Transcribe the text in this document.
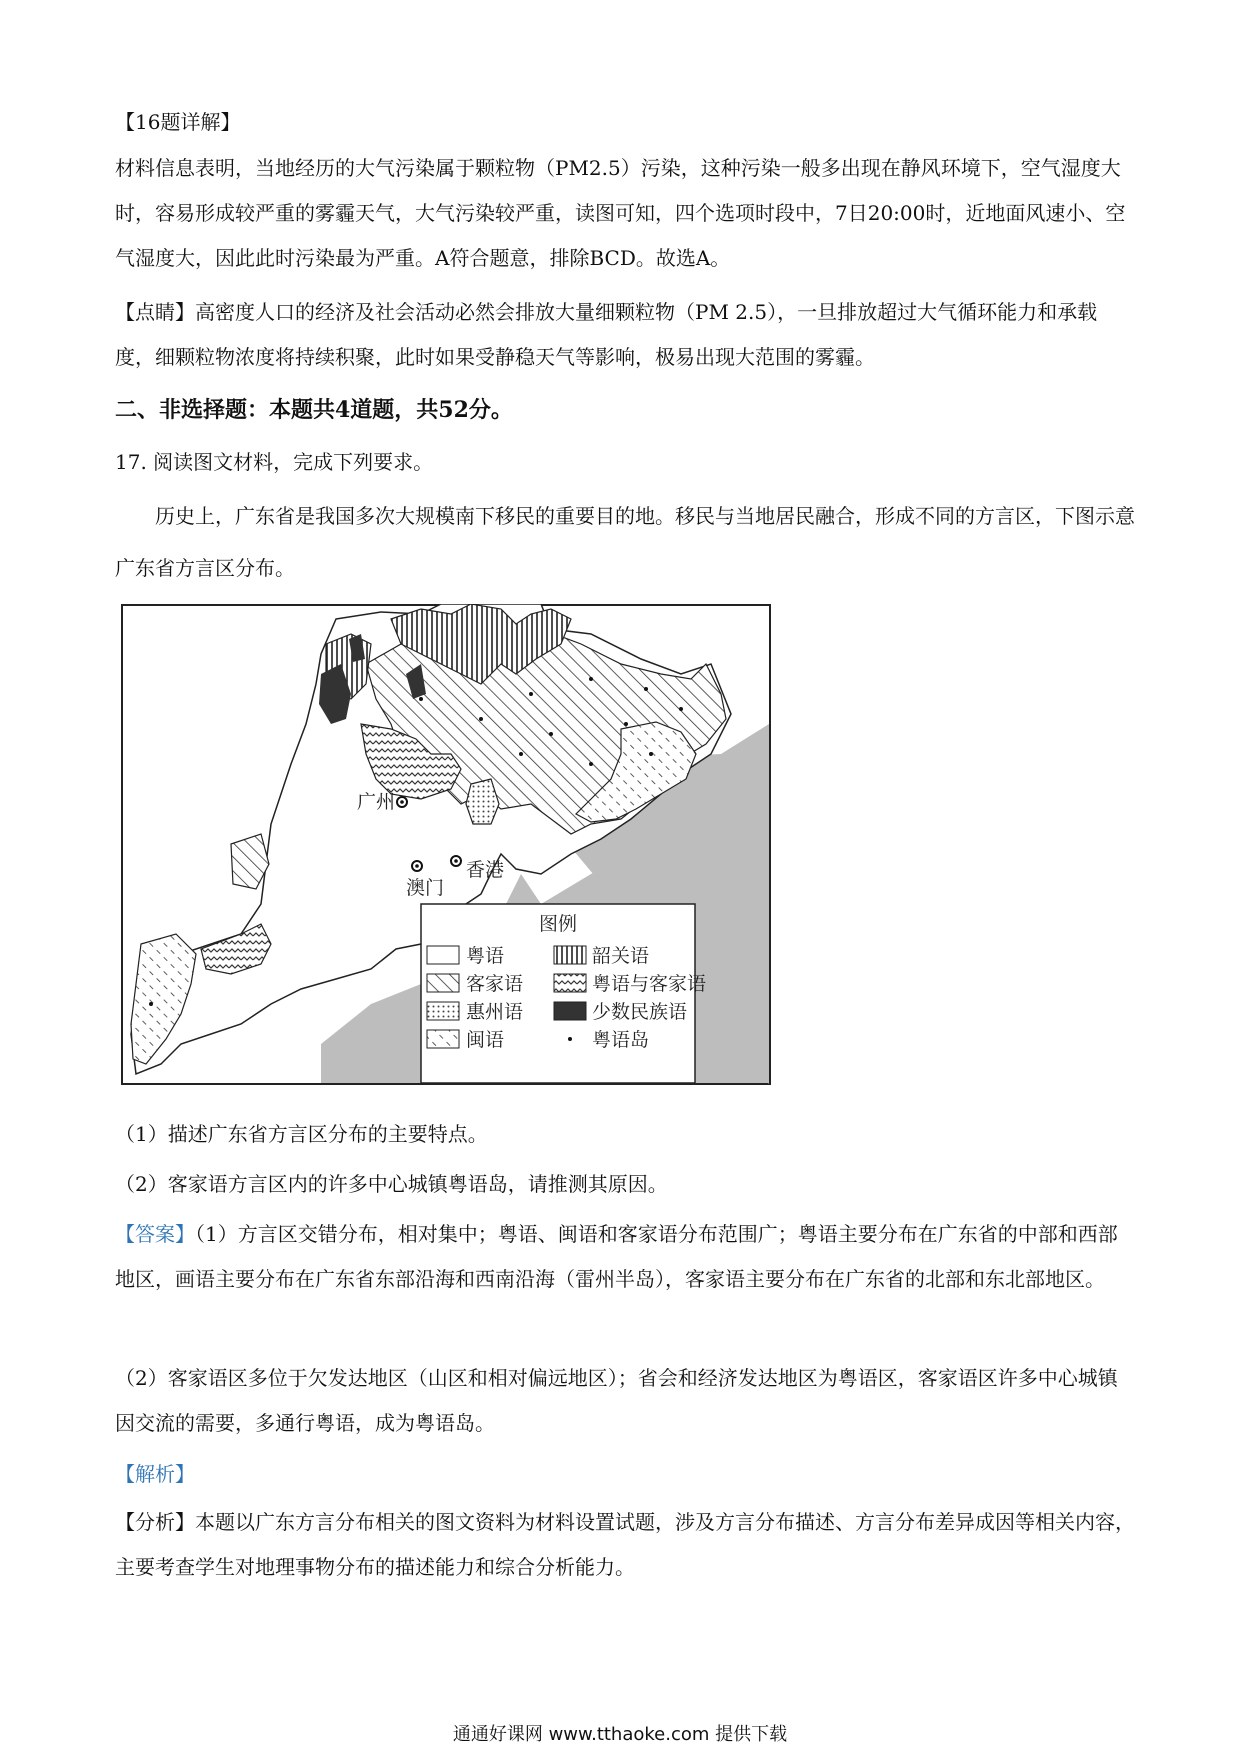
【16题详解】
材料信息表明，当地经历的大气污染属于颗粒物（PM2.5）污染，这种污染一般多出现在静风环境下，空气湿度大时，容易形成较严重的雾霾天气，大气污染较严重，读图可知，四个选项时段中，7日20:00时，近地面风速小、空气湿度大，因此此时污染最为严重。A符合题意，排除BCD。故选A。
【点睛】高密度人口的经济及社会活动必然会排放大量细颗粒物（PM 2.5），一旦排放超过大气循环能力和承载度，细颗粒物浓度将持续积聚，此时如果受静稳天气等影响，极易出现大范围的雾霾。
二、非选择题：本题共4道题，共52分。
17. 阅读图文材料，完成下列要求。
历史上，广东省是我国多次大规模南下移民的重要目的地。移民与当地居民融合，形成不同的方言区，下图示意广东省方言区分布。
广州
澳门
香港
图例
粤语	韶关语
客家语	粤语与客家语
惠州语	少数民族语
闽语	粤语岛
（1）描述广东省方言区分布的主要特点。
（2）客家语方言区内的许多中心城镇粤语岛，请推测其原因。
【答案】（1）方言区交错分布，相对集中；粤语、闽语和客家语分布范围广；粤语主要分布在广东省的中部和西部地区，画语主要分布在广东省东部沿海和西南沿海（雷州半岛），客家语主要分布在广东省的北部和东北部地区。
（2）客家语区多位于欠发达地区（山区和相对偏远地区）；省会和经济发达地区为粤语区，客家语区许多中心城镇因交流的需要，多通行粤语，成为粤语岛。
【解析】
【分析】本题以广东方言分布相关的图文资料为材料设置试题，涉及方言分布描述、方言分布差异成因等相关内容，主要考查学生对地理事物分布的描述能力和综合分析能力。
通通好课网 www.tthaoke.com 提供下载
